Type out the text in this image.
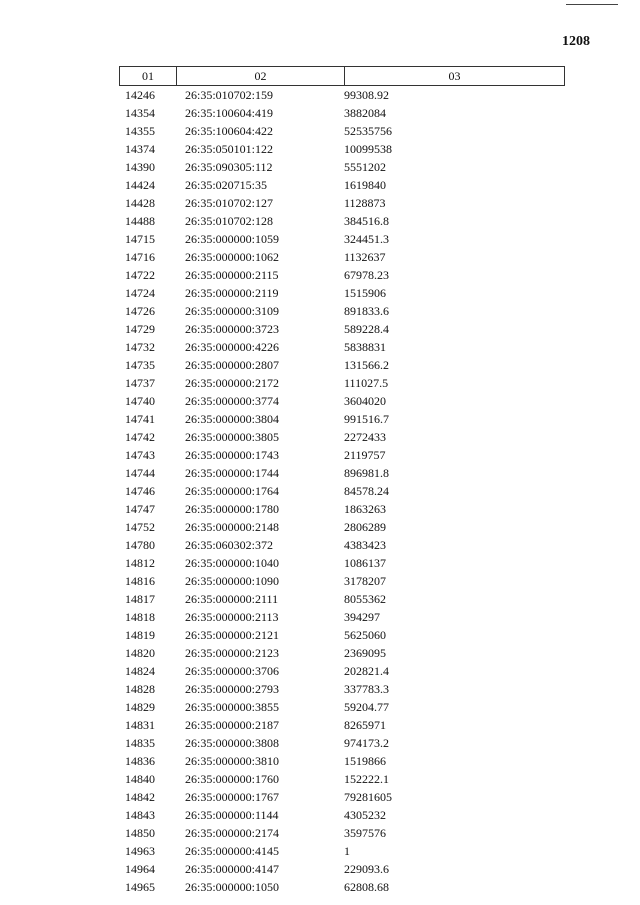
1208
01	02	03
14246	26:35:010702:159	99308.92
14354	26:35:100604:419	3882084
14355	26:35:100604:422	52535756
14374	26:35:050101:122	10099538
14390	26:35:090305:112	5551202
14424	26:35:020715:35	1619840
14428	26:35:010702:127	1128873
14488	26:35:010702:128	384516.8
14715	26:35:000000:1059	324451.3
14716	26:35:000000:1062	1132637
14722	26:35:000000:2115	67978.23
14724	26:35:000000:2119	1515906
14726	26:35:000000:3109	891833.6
14729	26:35:000000:3723	589228.4
14732	26:35:000000:4226	5838831
14735	26:35:000000:2807	131566.2
14737	26:35:000000:2172	111027.5
14740	26:35:000000:3774	3604020
14741	26:35:000000:3804	991516.7
14742	26:35:000000:3805	2272433
14743	26:35:000000:1743	2119757
14744	26:35:000000:1744	896981.8
14746	26:35:000000:1764	84578.24
14747	26:35:000000:1780	1863263
14752	26:35:000000:2148	2806289
14780	26:35:060302:372	4383423
14812	26:35:000000:1040	1086137
14816	26:35:000000:1090	3178207
14817	26:35:000000:2111	8055362
14818	26:35:000000:2113	394297
14819	26:35:000000:2121	5625060
14820	26:35:000000:2123	2369095
14824	26:35:000000:3706	202821.4
14828	26:35:000000:2793	337783.3
14829	26:35:000000:3855	59204.77
14831	26:35:000000:2187	8265971
14835	26:35:000000:3808	974173.2
14836	26:35:000000:3810	1519866
14840	26:35:000000:1760	152222.1
14842	26:35:000000:1767	79281605
14843	26:35:000000:1144	4305232
14850	26:35:000000:2174	3597576
14963	26:35:000000:4145	1
14964	26:35:000000:4147	229093.6
14965	26:35:000000:1050	62808.68
